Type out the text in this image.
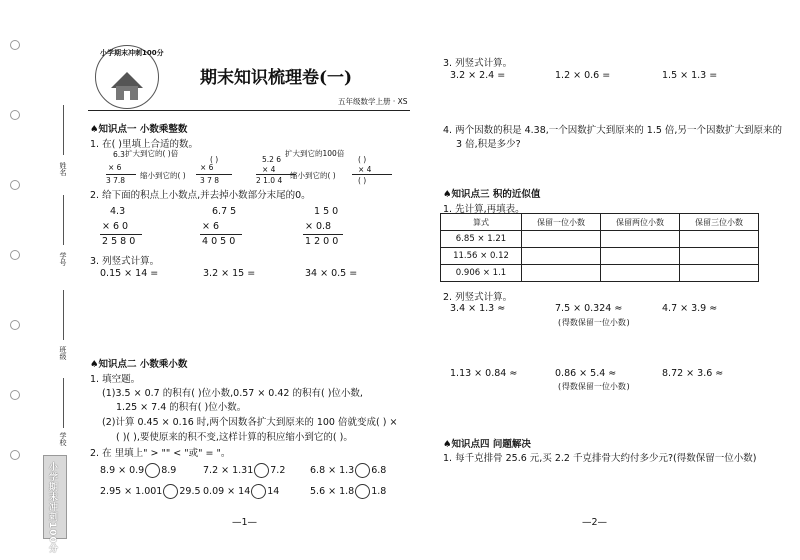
姓名
学号
班级
学校
小学期末冲刺100分
小学期末冲刺100分
期末知识梳理卷(一)
五年级数学上册 · XS
♠知识点一 小数乘整数
1. 在( )里填上合适的数。
6.3 扩大到它的( )倍
( )
× 6	× 6
3 7.8
缩小到它的( )
3 7 8
5.2 6
扩大到它的100倍
( )
× 4	× 4
2 1.0 4
缩小到它的( )
( )
2. 给下面的积点上小数点,并去掉小数部分末尾的0。
4.3
× 6 0
2 5 8 0
6.7 5
× 6
4 0 5 0
1 5 0
× 0.8
1 2 0 0
3. 列竖式计算。
0.15 × 14 =	3.2 × 15 =	34 × 0.5 =
♠知识点二 小数乘小数
1. 填空题。
(1)3.5 × 0.7 的积有( )位小数,0.57 × 0.42 的积有( )位小数,
1.25 × 7.4 的积有( )位小数。
(2)计算 0.45 × 0.16 时,两个因数各扩大到原来的 100 倍就变成( ) ×
( )( ),要使原来的积不变,这样计算的积应缩小到它的( )。
2. 在 里填上" > "" < "或" = "。
8.9 × 0.9 8.9	7.2 × 1.31 7.2	6.8 × 1.3 6.8
2.95 × 1.001 29.5 0.09 × 14 14	5.6 × 1.8 1.8
—1—
3. 列竖式计算。
3.2 × 2.4 =	1.2 × 0.6 =	1.5 × 1.3 =
4. 两个因数的积是 4.38,一个因数扩大到原来的 1.5 倍,另一个因数扩大到原来的
3 倍,积是多少?
♠知识点三 积的近似值
1. 先计算,再填表。
算式	保留一位小数	保留两位小数	保留三位小数
6.85 × 1.21			
11.56 × 0.12			
0.906 × 1.1			
2. 列竖式计算。
3.4 × 1.3 ≈	7.5 × 0.324 ≈	4.7 × 3.9 ≈
(得数保留一位小数)
1.13 × 0.84 ≈	0.86 × 5.4 ≈	8.72 × 3.6 ≈
(得数保留一位小数)
♠知识点四 问题解决
1. 每千克排骨 25.6 元,买 2.2 千克排骨大约付多少元?(得数保留一位小数)
—2—
